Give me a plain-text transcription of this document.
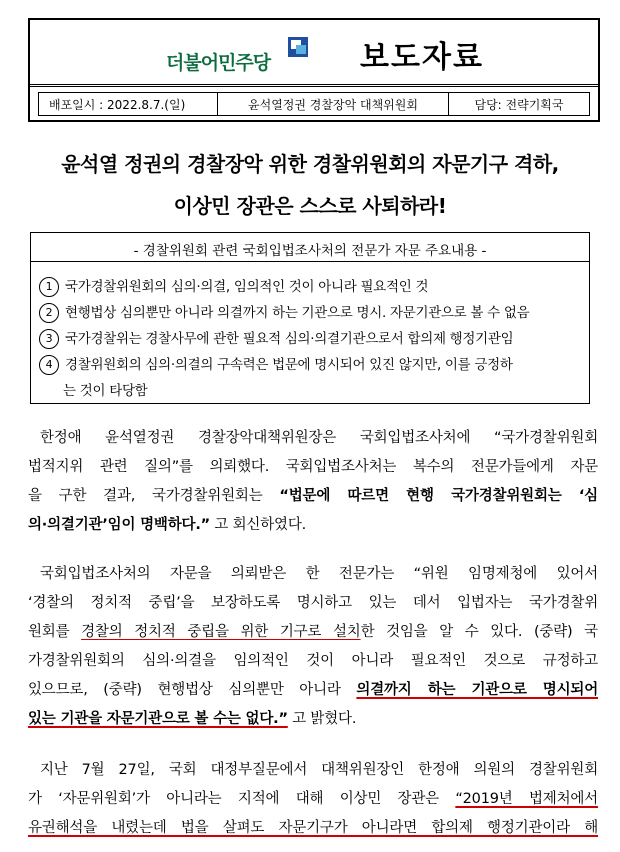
더불어민주당	보도자료
배포일시 : 2022.8.7.(일)	윤석열정권 경찰장악 대책위원회	담당: 전략기획국
윤석열 정권의 경찰장악 위한 경찰위원회의 자문기구 격하,
이상민 장관은 스스로 사퇴하라!
- 경찰위원회 관련 국회입법조사처의 전문가 자문 주요내용 -
1 국가경찰위원회의 심의·의결, 임의적인 것이 아니라 필요적인 것
2 현행법상 심의뿐만 아니라 의결까지 하는 기관으로 명시. 자문기관으로 볼 수 없음
3 국가경찰위는 경찰사무에 관한 필요적 심의·의결기관으로서 합의제 행정기관임
4 경찰위원회의 심의·의결의 구속력은 법문에 명시되어 있진 않지만, 이를 긍정하
는 것이 타당함
한정애 윤석열정권 경찰장악대책위원장은 국회입법조사처에 “국가경찰위원회
법적지위 관련 질의”를 의뢰했다. 국회입법조사처는 복수의 전문가들에게 자문
을 구한 결과, 국가경찰위원회는 “법문에 따르면 현행 국가경찰위원회는 ‘심
의·의결기관’임이 명백하다.” 고 회신하였다.
국회입법조사처의 자문을 의뢰받은 한 전문가는 “위원 임명제청에 있어서
‘경찰의 정치적 중립’을 보장하도록 명시하고 있는 데서 입법자는 국가경찰위
원회를 경찰의 정치적 중립을 위한 기구로 설치한 것임을 알 수 있다. (중략) 국
가경찰위원회의 심의·의결을 임의적인 것이 아니라 필요적인 것으로 규정하고
있으므로, (중략) 현행법상 심의뿐만 아니라 의결까지 하는 기관으로 명시되어
있는 기관을 자문기관으로 볼 수는 없다.” 고 밝혔다.
지난 7월 27일, 국회 대정부질문에서 대책위원장인 한정애 의원의 경찰위원회
가 ‘자문위원회’가 아니라는 지적에 대해 이상민 장관은 “2019년 법제처에서
유권해석을 내렸는데 법을 살펴도 자문기구가 아니라면 합의제 행정기관이라 해
